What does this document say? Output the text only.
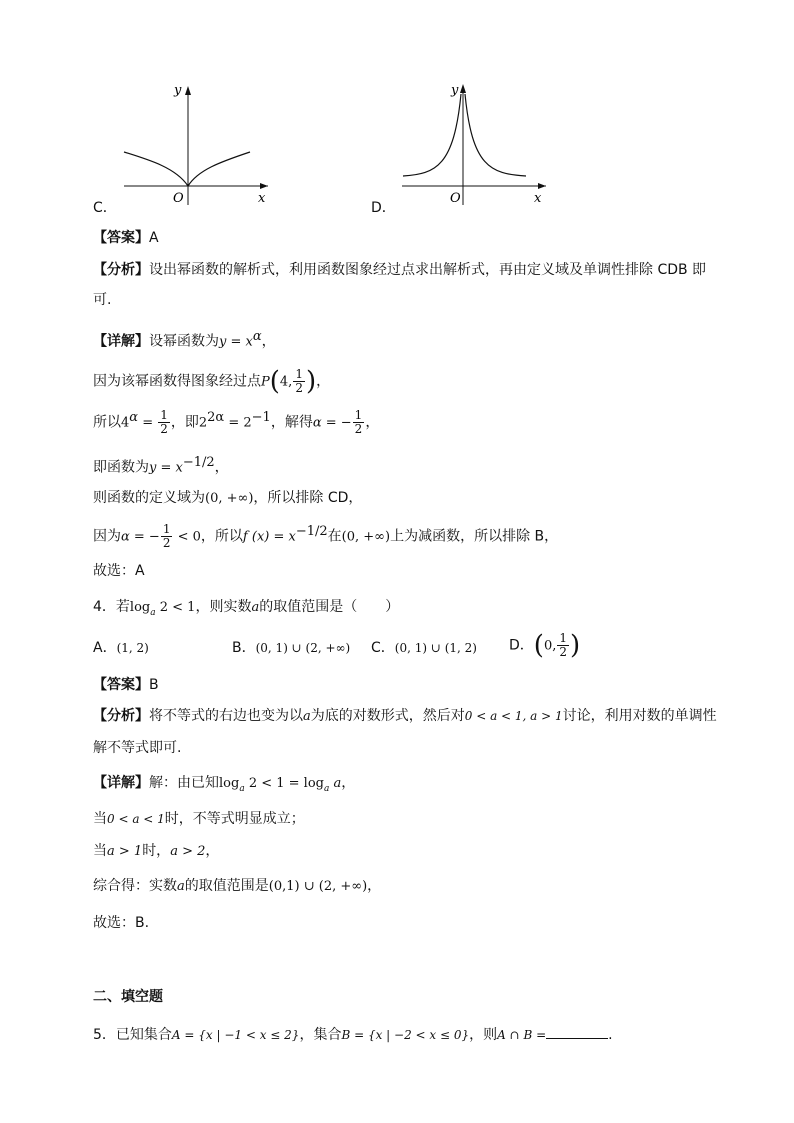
C．
y
O	x
D．
y
O	x
【答案】A
【分析】设出幂函数的解析式，利用函数图象经过点求出解析式，再由定义域及单调性排除 CDB 即
可.
【详解】设幂函数为$y = x^\alpha$，
因为该幂函数得图象经过点P(4, $\frac{1}{2}$ )，
所以$4^\alpha = \frac{1}{2}$ ，即$2^{2\alpha} = 2^{-1}$，解得α = − $\frac{1}{2}$ ，
即函数为$y = x^{-1/2}$，
则函数的定义域为(0, +∞)，所以排除 CD，
因为α = − $\frac{1}{2} < 0$，所以f $(x) = x^{-1/2}$在(0, +∞)上为减函数，所以排除 B，
故选：A
4．若$\log_a 2 < 1$，则实数a的取值范围是（　　）
A．(1, 2)	B．(0, 1) ∪ (2, +∞) C．(0, 1) ∪ (1, 2) D．(0, $\frac{1}{2}$ )
【答案】B
【分析】将不等式的右边也变为以a为底的对数形式，然后对0 < a < 1, a > 1讨论，利用对数的单调性
解不等式即可.
【详解】解：由已知$\log_a 2 < 1 = \log_a a$，
当0 < a < 1时，不等式明显成立；
当a > 1时，a > 2，
综合得：实数a的取值范围是(0,1) ∪ (2, +∞)，
故选：B.
二、填空题
5．已知集合A = {x | −1 < x ≤ 2}，集合B = {x | −2 < x ≤ 0}，则A ∩ B =	.
